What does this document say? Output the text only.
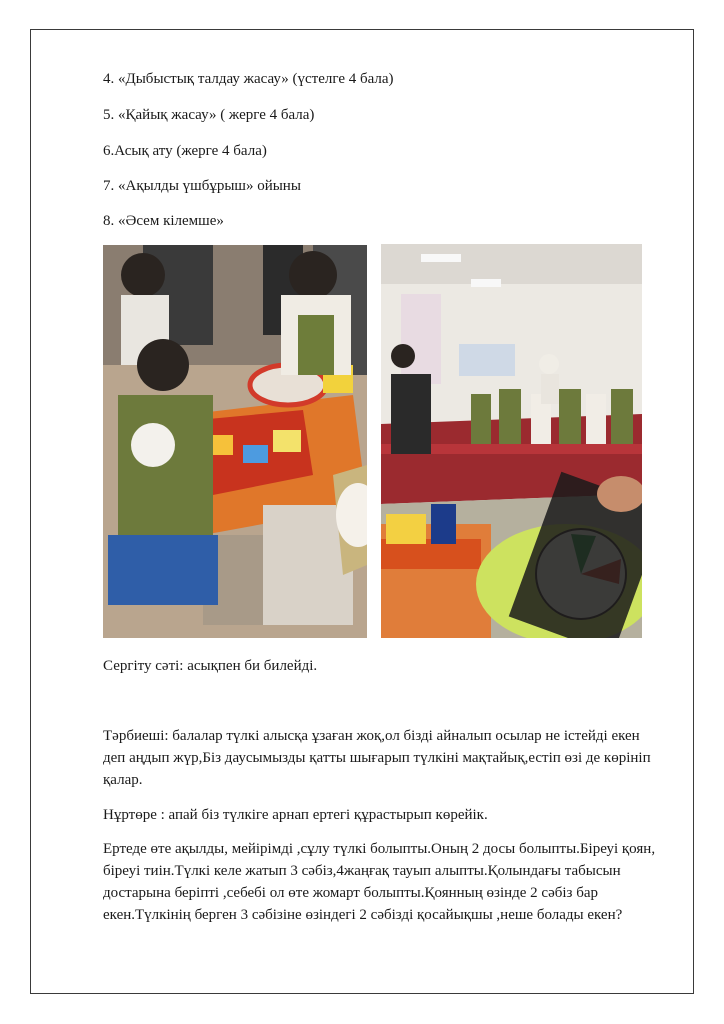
4. «Дыбыстық талдау жасау» (үстелге 4 бала)
5. «Қайық жасау» ( жерге 4 бала)
6.Асық ату (жерге 4 бала)
7. «Ақылды үшбұрыш» ойыны
8. «Әсем кілемше»
Сергіту сәті: асықпен би билейді.
Тәрбиеші: балалар түлкі алысқа ұзаған жоқ,ол бізді айналып осылар не істейді екен деп аңдып жүр,Біз даусымызды қатты шығарып түлкіні мақтайық,естіп өзі де көрініп қалар.
Нұртөре : апай біз түлкіге арнап ертегі құрастырып көрейік.
Ертеде өте ақылды, мейірімді ,сұлу түлкі болыпты.Оның 2 досы болыпты.Біреуі қоян, біреуі тиін.Түлкі келе жатып 3 сәбіз,4жаңғақ тауып алыпты.Қолындағы табысын достарына беріпті ,себебі ол өте жомарт болыпты.Қоянның өзінде 2 сәбіз бар екен.Түлкінің берген 3 сәбізіне өзіндегі 2 сәбізді қосайықшы ,неше болады екен?
